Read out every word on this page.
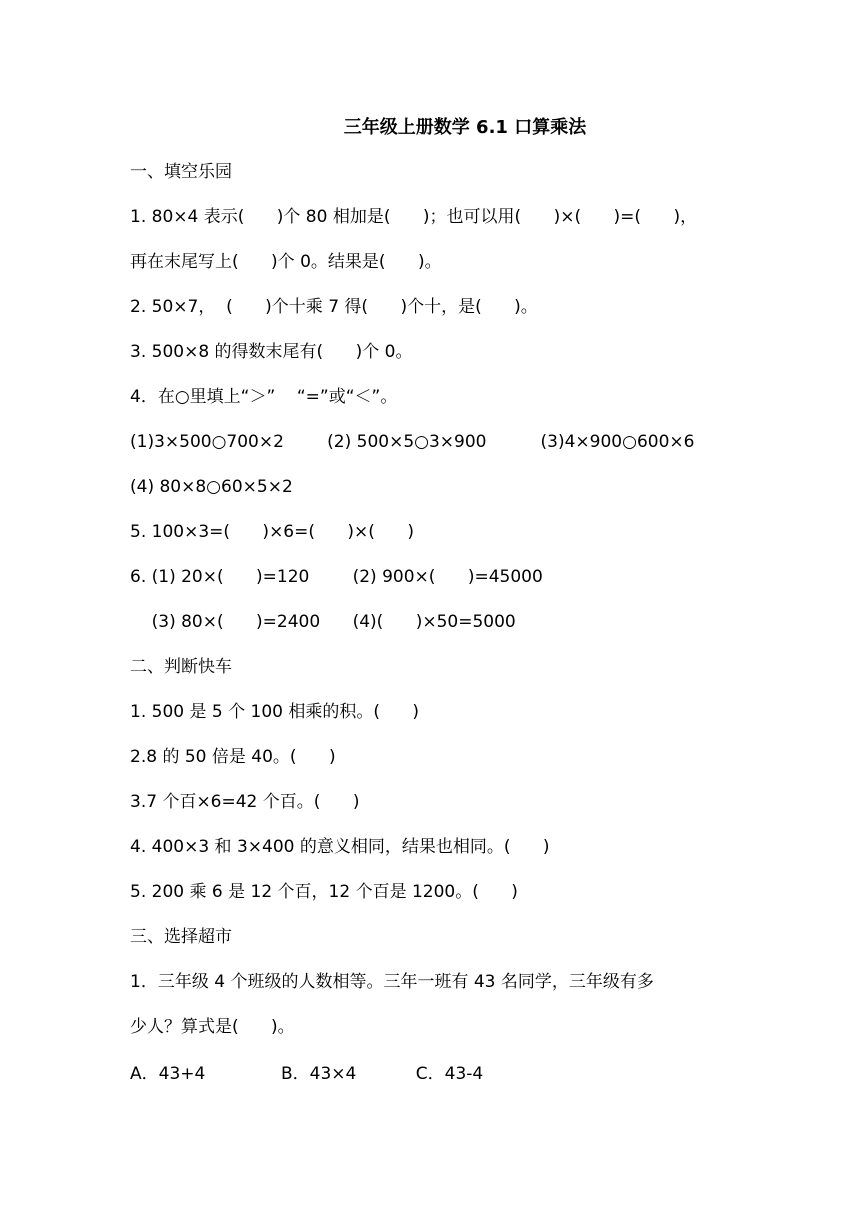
三年级上册数学 6.1 口算乘法
一、填空乐园
1. 80×4 表示(      )个 80 相加是(      )；也可以用(      )×(      )=(      )，
再在末尾写上(      )个 0。结果是(      )。
2. 50×7，  (      )个十乘 7 得(      )个十，是(      )。
3. 500×8 的得数末尾有(      )个 0。
4．在○里填上“＞”    “=”或“＜”。
(1)3×500○700×2        (2) 500×5○3×900          (3)4×900○600×6
(4) 80×8○60×5×2
5. 100×3=(      )×6=(      )×(      )
6. (1) 20×(      )=120        (2) 900×(      )=45000
(3) 80×(      )=2400      (4)(      )×50=5000
二、判断快车
1. 500 是 5 个 100 相乘的积。(      )
2.8 的 50 倍是 40。(      )
3.7 个百×6=42 个百。(      )
4. 400×3 和 3×400 的意义相同，结果也相同。(      )
5. 200 乘 6 是 12 个百，12 个百是 1200。(      )
三、选择超市
1．三年级 4 个班级的人数相等。三年一班有 43 名同学，三年级有多
少人？算式是(      )。
A．43+4              B．43×4           C．43-4
